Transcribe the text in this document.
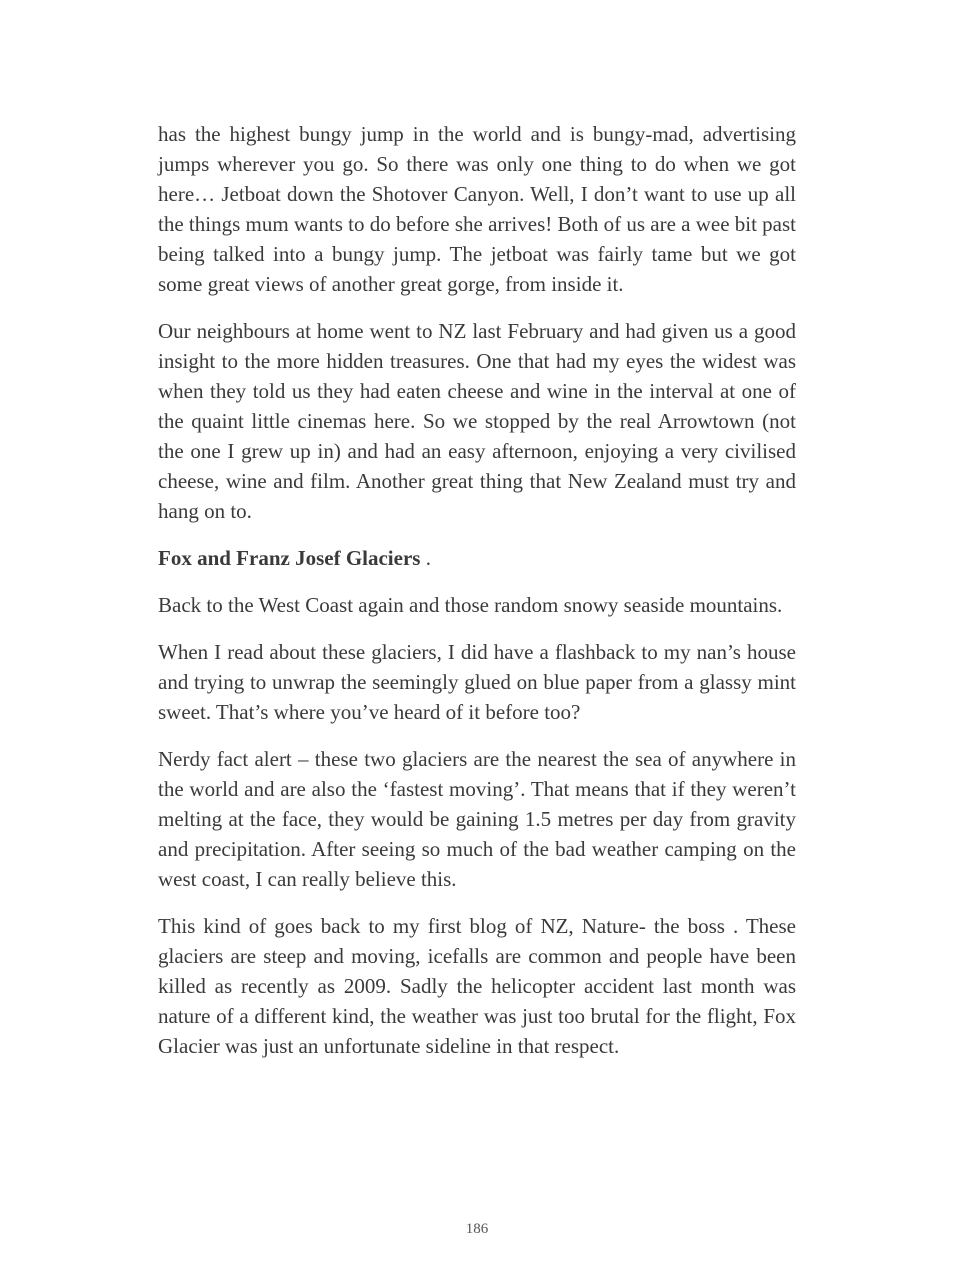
has the highest bungy jump in the world and is bungy-mad, advertising jumps wherever you go. So there was only one thing to do when we got here… Jetboat down the Shotover Canyon. Well, I don’t want to use up all the things mum wants to do before she arrives! Both of us are a wee bit past being talked into a bungy jump. The jetboat was fairly tame but we got some great views of another great gorge, from inside it.

Our neighbours at home went to NZ last February and had given us a good insight to the more hidden treasures. One that had my eyes the widest was when they told us they had eaten cheese and wine in the interval at one of the quaint little cinemas here. So we stopped by the real Arrowtown (not the one I grew up in) and had an easy afternoon, enjoying a very civilised cheese, wine and film. Another great thing that New Zealand must try and hang on to.

Fox and Franz Josef Glaciers .

Back to the West Coast again and those random snowy seaside mountains.

When I read about these glaciers, I did have a flashback to my nan’s house and trying to unwrap the seemingly glued on blue paper from a glassy mint sweet. That’s where you’ve heard of it before too?

Nerdy fact alert – these two glaciers are the nearest the sea of anywhere in the world and are also the ‘fastest moving’. That means that if they weren’t melting at the face, they would be gaining 1.5 metres per day from gravity and precipitation. After seeing so much of the bad weather camping on the west coast, I can really believe this.

This kind of goes back to my first blog of NZ, Nature- the boss . These glaciers are steep and moving, icefalls are common and people have been killed as recently as 2009. Sadly the helicopter accident last month was nature of a different kind, the weather was just too brutal for the flight, Fox Glacier was just an unfortunate sideline in that respect.

186
